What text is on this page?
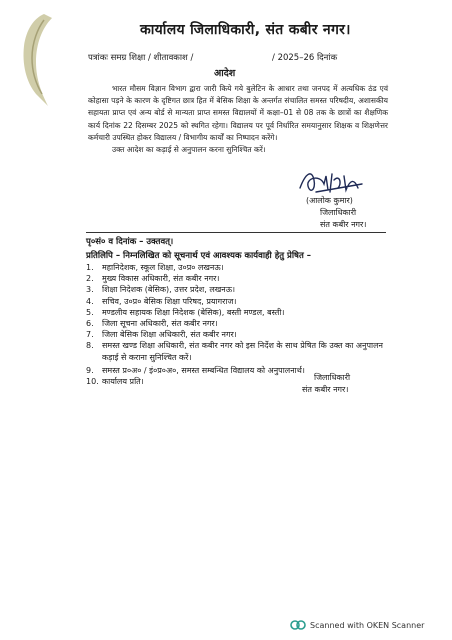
कार्यालय जिलाधिकारी, संत कबीर नगर।
पत्रांकः समग्र शिक्षा / शीतावकाश /	/ 2025–26 दिनांक
आदेश

भारत मौसम विज्ञान विभाग द्वारा जारी किये गये बुलेटिन के आधार तथा जनपद में अत्यधिक ठंड एवं कोहासा पड़ने के कारण के दृष्टिगत छात्र हित में बेसिक शिक्षा के अन्तर्गत संचालित समस्त परिषदीय, अशासकीय सहायता प्राप्त एवं अन्य बोर्ड से मान्यता प्राप्त समस्त विद्यालयों में कक्षा–01 से 08 तक के छात्रों का शैक्षणिक कार्य दिनांक 22 दिसम्बर 2025 को स्थगित रहेगा। विद्यालय पर पूर्व निर्धारित समयानुसार शिक्षक व शिक्षणेत्तर कर्मचारी उपस्थित होकर विद्यालय / विभागीय कार्यों का निष्पादन करेंगे।

उक्त आदेश का कड़ाई से अनुपालन करना सुनिश्चित करें।

(आलोक कुमार)
जिलाधिकारी
संत कबीर नगर।
पृ०सं० व दिनांक – उक्तवत्।
प्रतिलिपि – निम्नलिखित को सूचनार्थ एवं आवश्यक कार्यवाही हेतु प्रेषित –
1.	महानिदेशक, स्कूल शिक्षा, उ०प्र० लखनऊ।
2.	मुख्य विकास अधिकारी, संत कबीर नगर।
3.	शिक्षा निदेशक (बेसिक), उत्तर प्रदेश, लखनऊ।
4.	सचिव, उ०प्र० बेसिक शिक्षा परिषद, प्रयागराज।
5.	मण्डलीय सहायक शिक्षा निदेशक (बेसिक), बस्ती मण्डल, बस्ती।
6.	जिला सूचना अधिकारी, संत कबीर नगर।
7.	जिला बेसिक शिक्षा अधिकारी, संत कबीर नगर।
8.	समस्त खण्ड शिक्षा अधिकारी, संत कबीर नगर को इस निर्देश के साथ प्रेषित कि उक्त का अनुपालन कड़ाई से कराना सुनिश्चित करें।
9.	समस्त प्र०अ० / इं०प्र०अ०, समस्त सम्बन्धित विद्यालय को अनुपालनार्थ।
10. कार्यालय प्रति।	जिलाधिकारी
संत कबीर नगर।
Scanned with OKEN Scanner
